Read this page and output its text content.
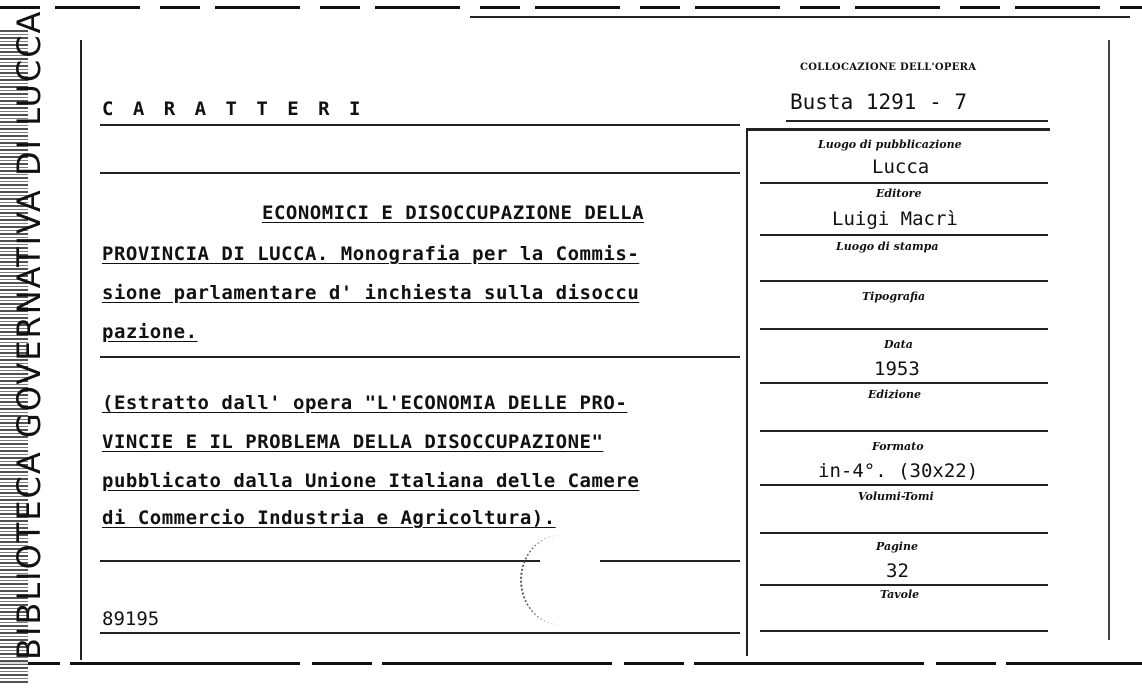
BIBLIOTECA GOVERNATIVA DI LUCCA	C A R A T T E R I
COLLOCAZIONE DELL'OPERA
Busta 1291 - 7
ECONOMICI E DISOCCUPAZIONE DELLA
PROVINCIA DI LUCCA. Monografia per la Commis-
sione parlamentare d' inchiesta sulla disoccu
pazione.
(Estratto dall' opera "L'ECONOMIA DELLE PRO-
VINCIE E IL PROBLEMA DELLA DISOCCUPAZIONE"
pubblicato dalla Unione Italiana delle Camere
di Commercio Industria e Agricoltura).
89195
Luogo di pubblicazione
Lucca
Editore
Luigi Macrì
Luogo di stampa
Tipografia
Data
1953
Edizione
Formato
in-4°. (30x22)
Volumi-Tomi
Pagine
32
Tavole
